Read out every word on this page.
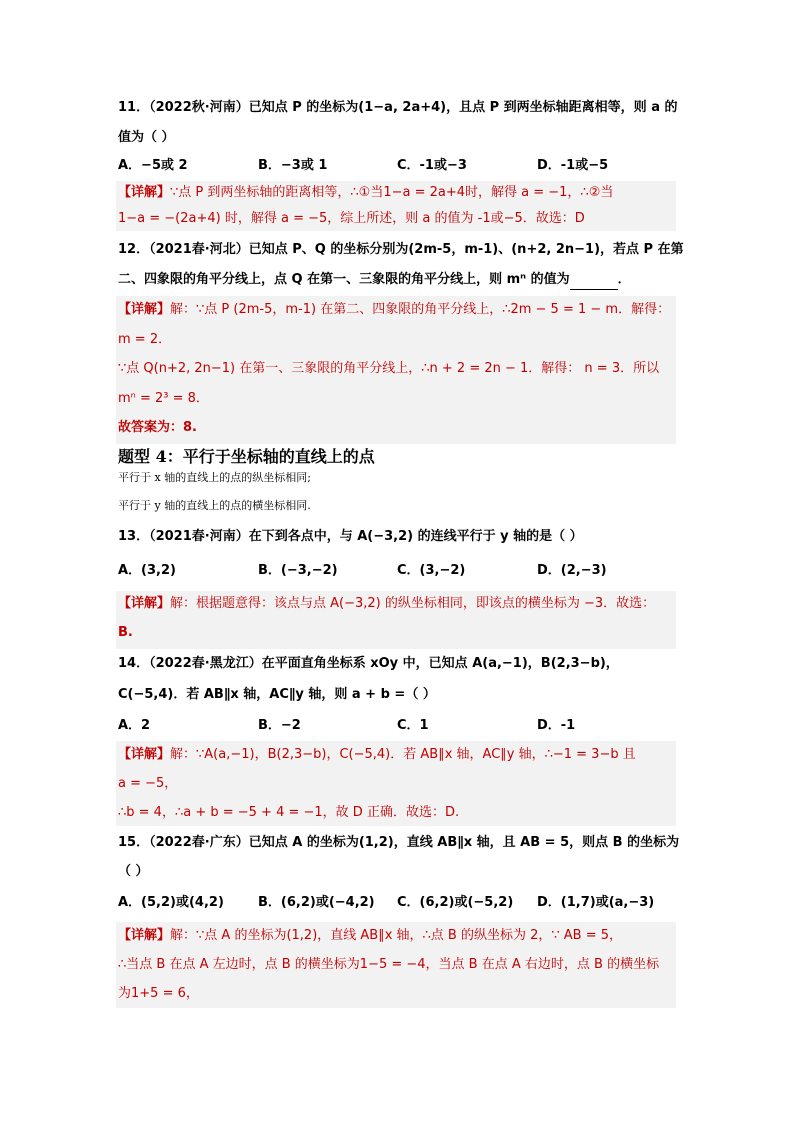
11．（2022秋·河南）已知点 P 的坐标为(1−a, 2a+4)，且点 P 到两坐标轴距离相等，则 a 的
值为（ ）
A．−5或 2	B．−3或 1	C．-1或−3	D．-1或−5
【详解】∵点 P 到两坐标轴的距离相等，∴①当1−a = 2a+4时，解得 a = −1，∴②当
1−a = −(2a+4) 时，解得 a = −5，综上所述，则 a 的值为 -1或−5．故选：D
12．（2021春·河北）已知点 P、Q 的坐标分别为(2m-5，m-1)、(n+2, 2n−1)，若点 P 在第
二、四象限的角平分线上，点 Q 在第一、三象限的角平分线上，则 mⁿ 的值为	．
【详解】解：∵点 P (2m-5，m-1) 在第二、四象限的角平分线上，∴2m − 5 = 1 − m．解得：
m = 2．
∵点 Q(n+2, 2n−1) 在第一、三象限的角平分线上，∴n + 2 = 2n − 1．解得： n = 3．所以
mⁿ = 2³ = 8．
故答案为：8.
题型 4：平行于坐标轴的直线上的点
平行于 x 轴的直线上的点的纵坐标相同;
平行于 y 轴的直线上的点的横坐标相同.
13．（2021春·河南）在下到各点中，与 A(−3,2) 的连线平行于 y 轴的是（ ）
A．(3,2)	B．(−3,−2)	C．(3,−2)	D．(2,−3)
【详解】解：根据题意得：该点与点 A(−3,2) 的纵坐标相同，即该点的横坐标为 −3．故选：
B.
14．（2022春·黑龙江）在平面直角坐标系 xOy 中，已知点 A(a,−1)，B(2,3−b)，
C(−5,4)．若 AB∥x 轴，AC∥y 轴，则 a + b =（ ）
A．2	B．−2	C．1	D．-1
【详解】解：∵A(a,−1)，B(2,3−b)，C(−5,4)．若 AB∥x 轴，AC∥y 轴，∴−1 = 3−b 且
a = −5，
∴b = 4，∴a + b = −5 + 4 = −1，故 D 正确．故选：D.
15．（2022春·广东）已知点 A 的坐标为(1,2)，直线 AB∥x 轴，且 AB = 5，则点 B 的坐标为
（ ）
A．(5,2)或(4,2)	B．(6,2)或(−4,2) C．(6,2)或(−5,2) D．(1,7)或(a,−3)
【详解】解：∵点 A 的坐标为(1,2)，直线 AB∥x 轴，∴点 B 的纵坐标为 2，∵ AB = 5，
∴当点 B 在点 A 左边时，点 B 的横坐标为1−5 = −4，当点 B 在点 A 右边时，点 B 的横坐标
为1+5 = 6，
